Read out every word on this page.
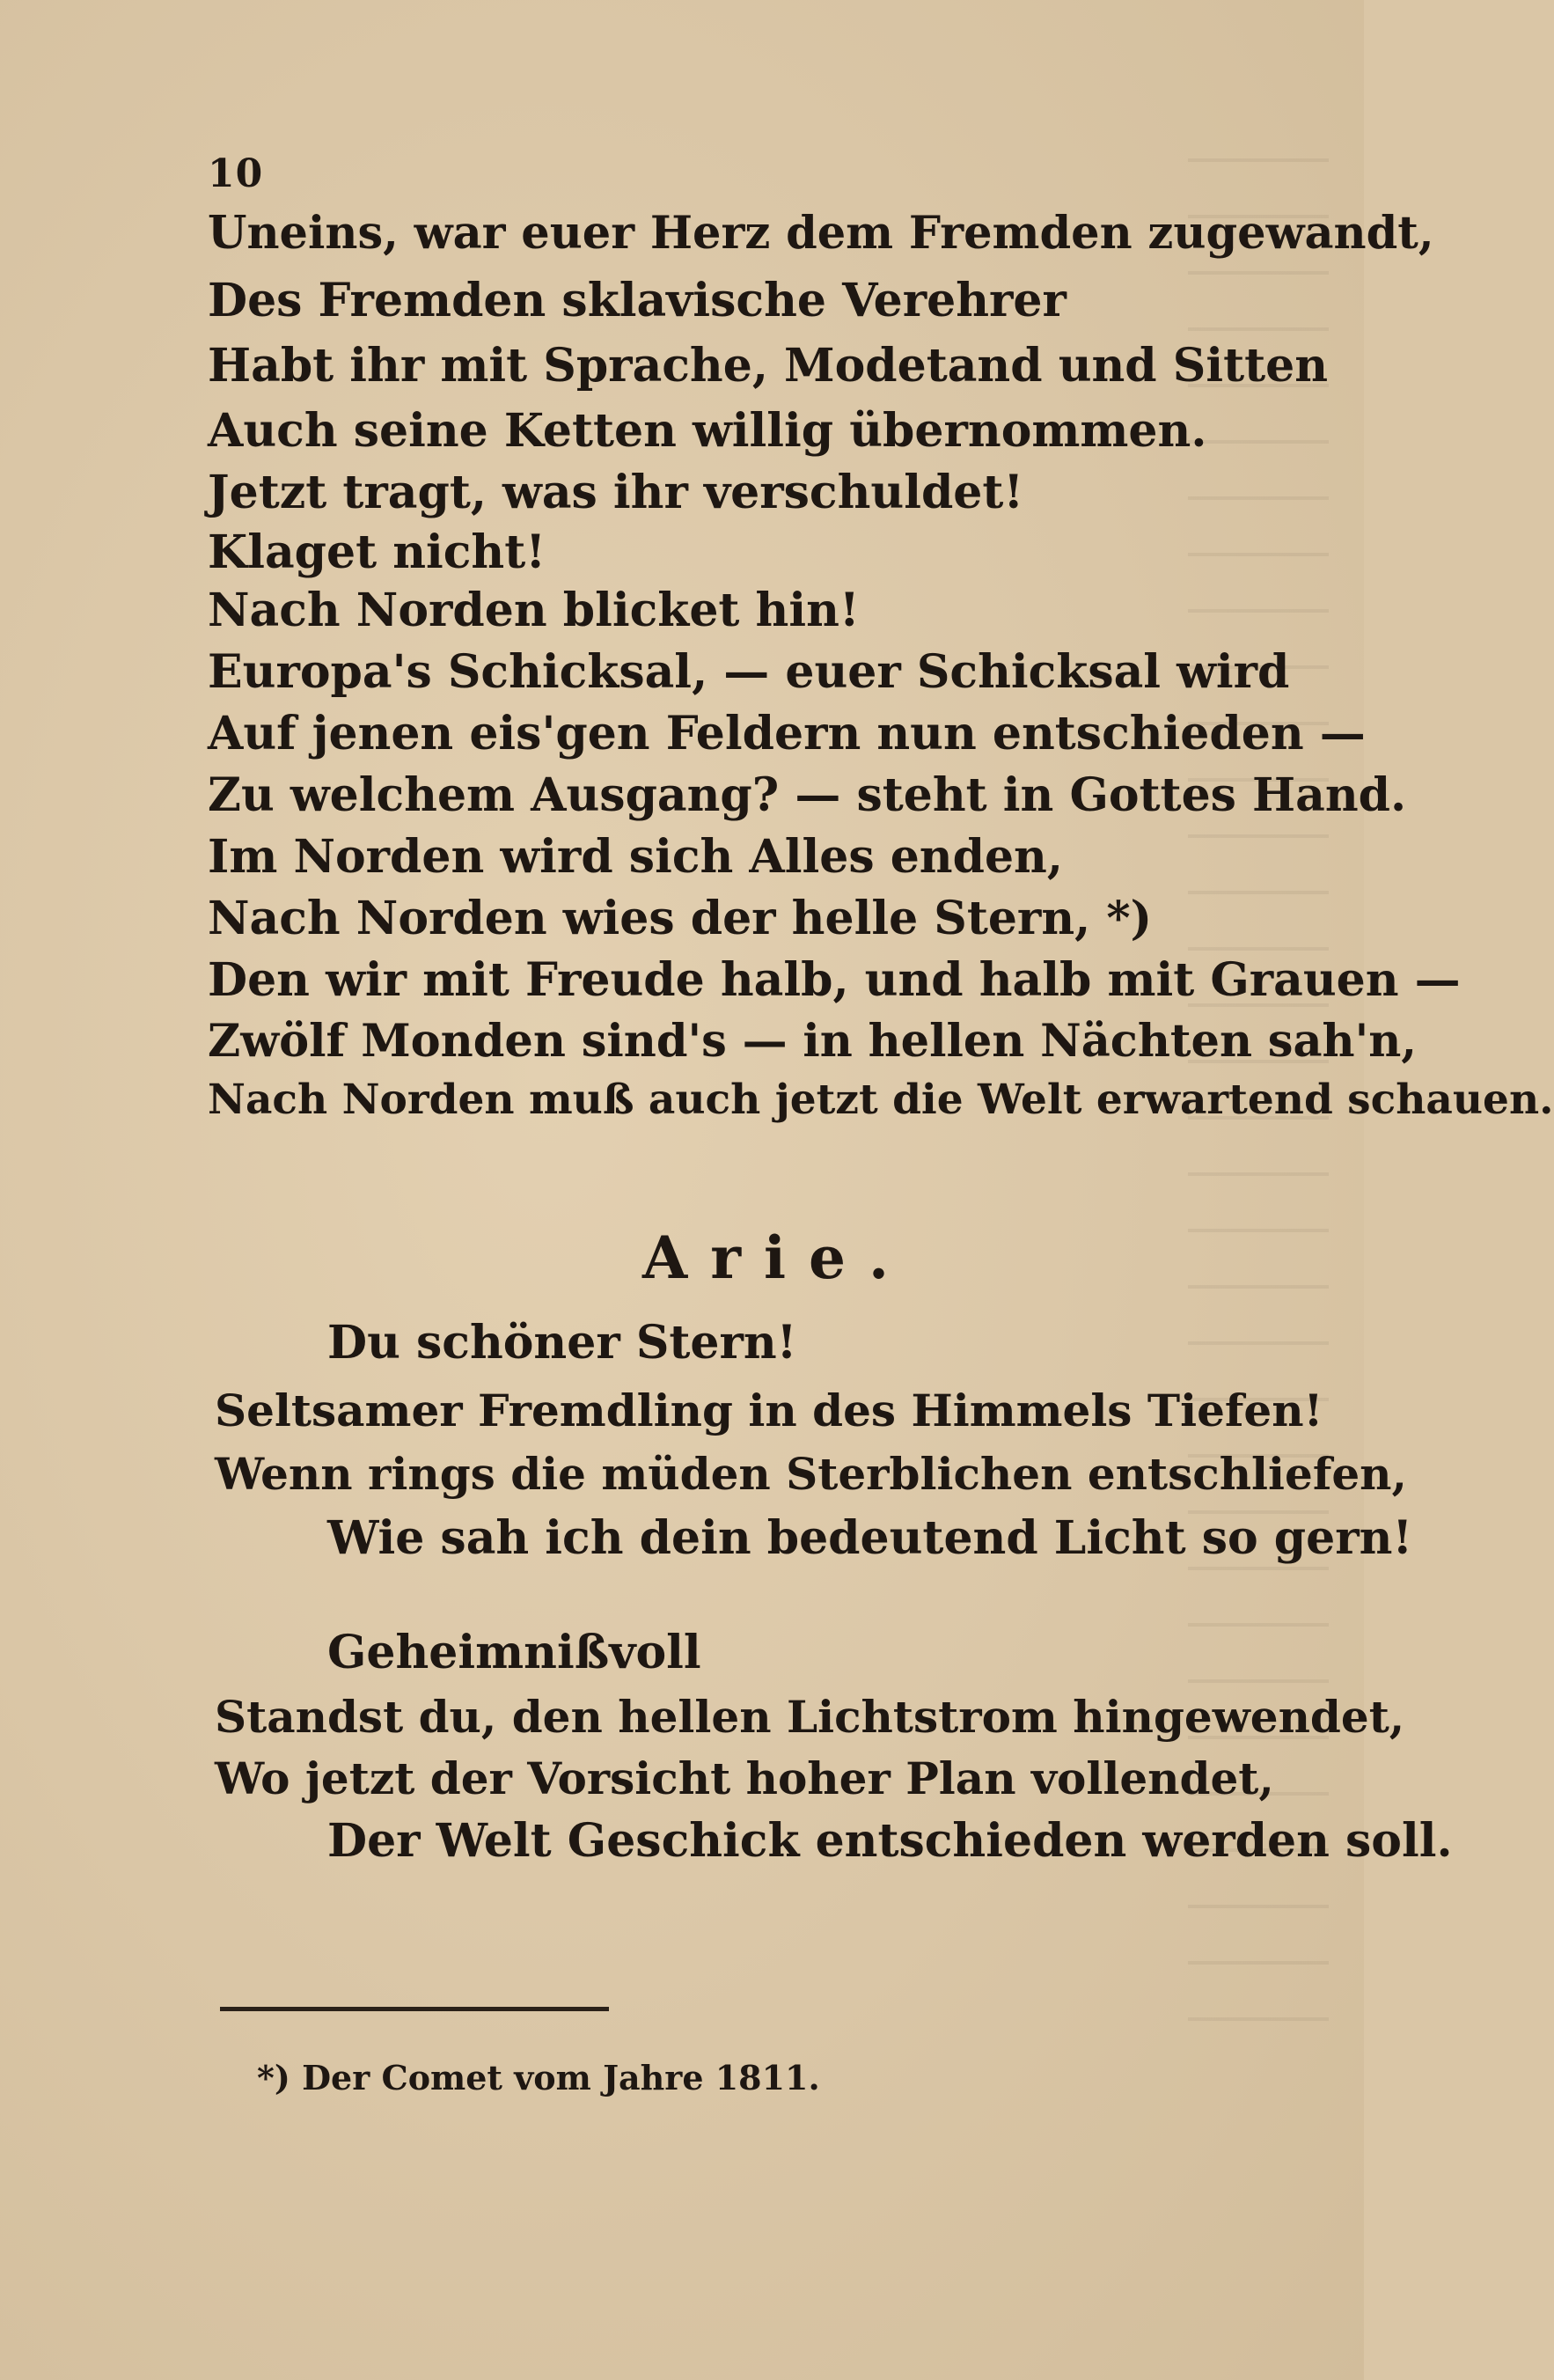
10
Uneins, war euer Herz dem Fremden zugewandt,
Des Fremden sklavische Verehrer
Habt ihr mit Sprache, Modetand und Sitten
Auch seine Ketten willig übernommen.
Jetzt tragt, was ihr verschuldet!
Klaget nicht!
Nach Norden blicket hin!
Europa's Schicksal, — euer Schicksal wird
Auf jenen eis'gen Feldern nun entschieden —
Zu welchem Ausgang? — steht in Gottes Hand.
Im Norden wird sich Alles enden,
Nach Norden wies der helle Stern, *)
Den wir mit Freude halb, und halb mit Grauen —
Zwölf Monden sind's — in hellen Nächten sah'n,
Nach Norden muß auch jetzt die Welt erwartend schauen.
Arie.
Du schöner Stern!
Seltsamer Fremdling in des Himmels Tiefen!
Wenn rings die müden Sterblichen entschliefen,
Wie sah ich dein bedeutend Licht so gern!
Geheimnißvoll
Standst du, den hellen Lichtstrom hingewendet,
Wo jetzt der Vorsicht hoher Plan vollendet,
Der Welt Geschick entschieden werden soll.
*) Der Comet vom Jahre 1811.
